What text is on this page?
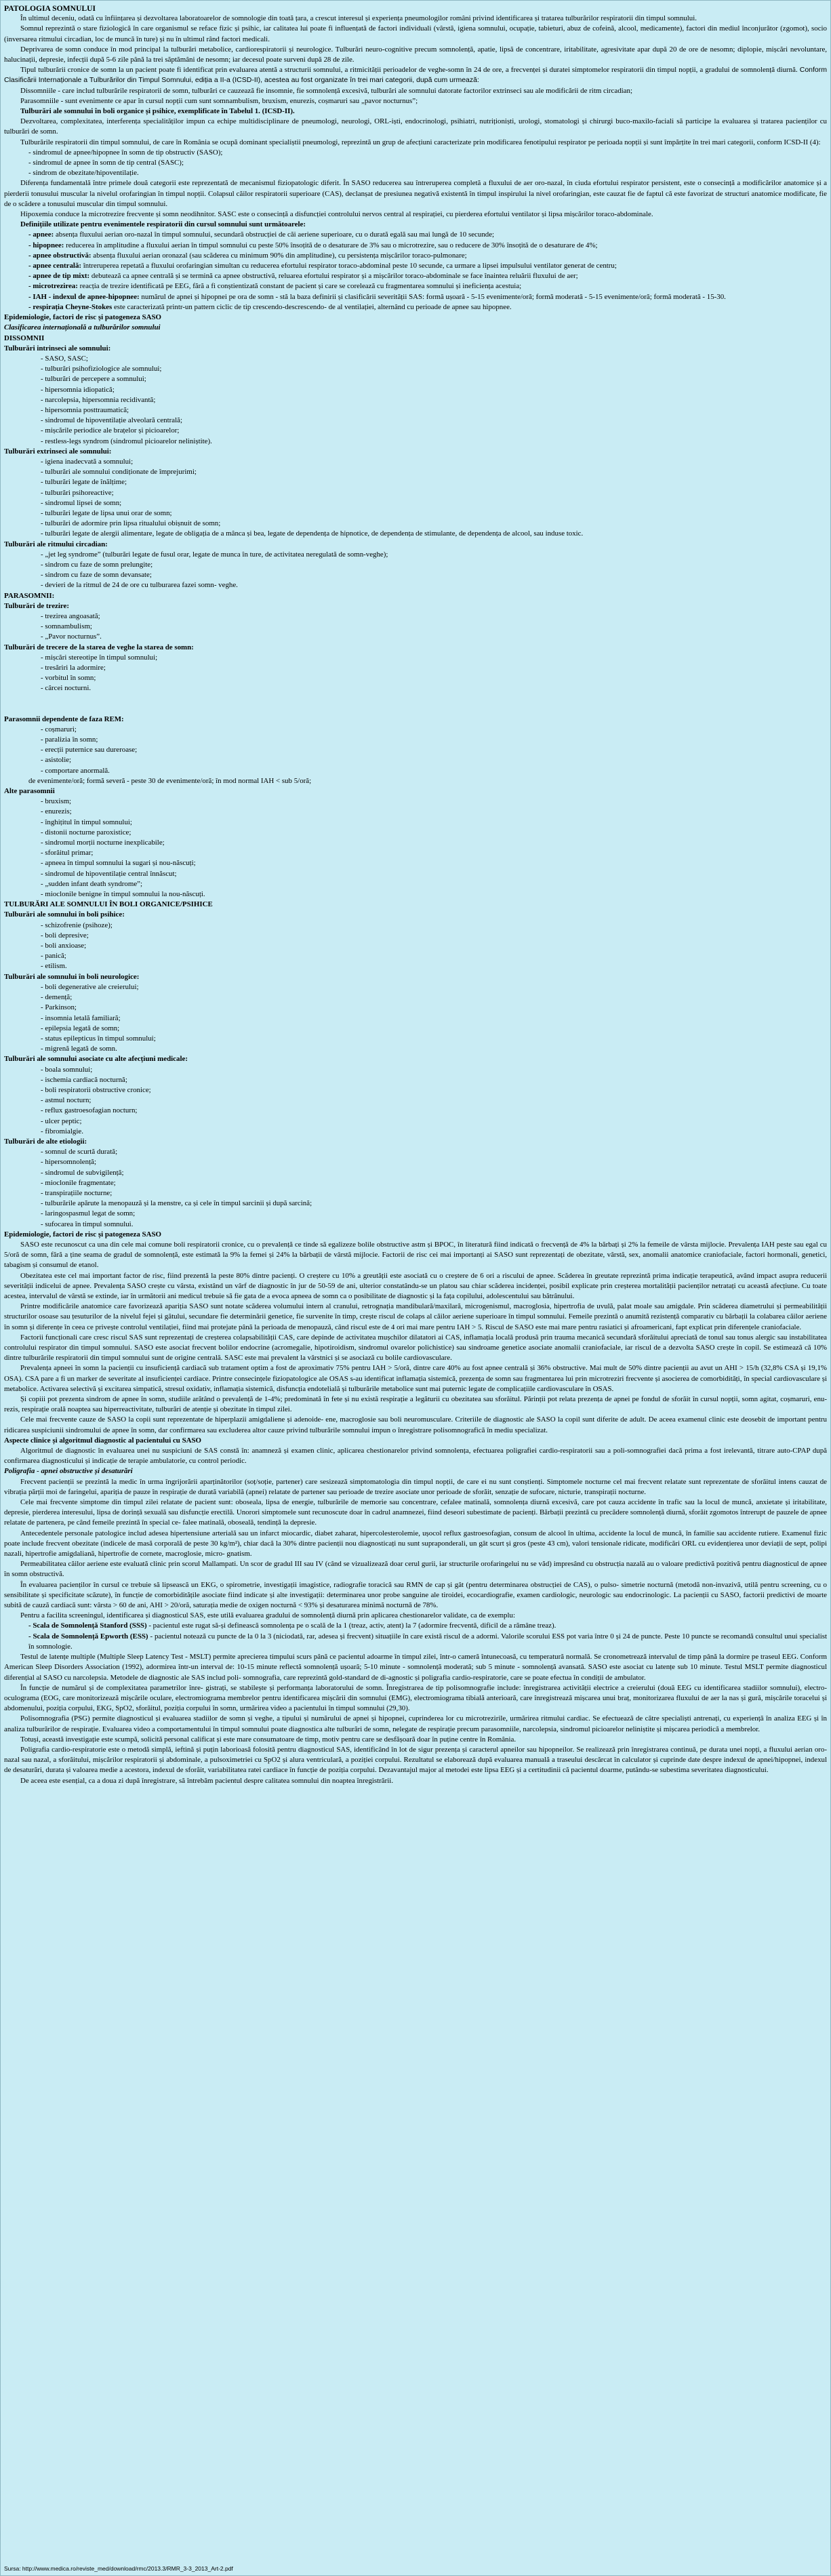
PATOLOGIA SOMNULUI

În ultimul deceniu, odată cu înființarea și dezvoltarea laboratoarelor de somnologie din toată țara, a crescut interesul și experiența pneumologilor români privind identificarea și tratarea tulburărilor respiratorii din timpul somnului.

Somnul reprezintă o stare fiziologică în care organismul se reface fizic și psihic, iar calitatea lui poate fi influențată de factori individuali (vârstă, igiena somnului, ocupație, tabieturi, abuz de cofeină, alcool, medicamente), factori din mediul înconjurător (zgomot), socio (inversarea ritmului circadian, loc de muncă în ture) și nu în ultimul rând factori medicali.

Deprivarea de somn conduce în mod principal la tulburări metabolice, cardiorespiratorii și neurologice. Tulburări neuro-cognitive precum somnolență, apatie, lipsă de concentrare, iritabilitate, agresivitate apar după 20 de ore de nesomn; diplopie, mișcări nevoluntare, halucinații, depresie, infecții după 5-6 zile până la trei săptămâni de nesomn; iar decesul poate surveni după 28 de zile.

Tipul tulburării cronice de somn la un pacient poate fi identificat prin evaluarea atentă a structurii somnului, a ritmicității perioadelor de veghe-somn în 24 de ore, a frecvenței și duratei simptomelor respiratorii din timpul nopții, a gradului de somnolență diurnă. Conform Clasificării Internaționale a Tulburărilor din Timpul Somnului, ediția a II-a (ICSD-II), acestea au fost organizate în trei mari categorii, după cum urmează:

Dissomniile - care includ tulburările respiratorii de somn, tulburări ce cauzează fie insomnie, fie somnolență excesivă, tulburări ale somnului datorate factorilor extrinseci sau ale modificării de ritm circadian;

Parasomniile - sunt evenimente ce apar în cursul nopții cum sunt somnambulism, bruxism, enurezis, coșmaruri sau „pavor nocturnus”;

Tulburări ale somnului în boli organice și psihice, exemplificate în Tabelul 1. (ICSD-II).

Dezvoltarea, complexitatea, interferența specialităților impun ca echipe multidisciplinare de pneumologi, neurologi, ORL-iști, endocrinologi, psihiatri, nutriționiști, urologi, stomatologi și chirurgi buco-maxilo-faciali să participe la evaluarea și tratarea pacienților cu tulburări de somn.

Tulburările respiratorii din timpul somnului, de care în România se ocupă dominant specialiștii pneumologi, reprezintă un grup de afecțiuni caracterizate prin modificarea fenotipului respirator pe perioada nopții și sunt împărțite în trei mari categorii, conform ICSD-II (4):

- sindromul de apnee/hipopnee în somn de tip obstructiv (SASO);

- sindromul de apnee în somn de tip central (SASC);

- sindrom de obezitate/hipoventilație.

Diferența fundamentală între primele două categorii este reprezentată de mecanismul fiziopatologic diferit. În SASO reducerea sau întreruperea completă a fluxului de aer oro-nazal, în ciuda efortului respirator persistent, este o consecință a modificărilor anatomice și a pierderii tonusului muscular la nivelul orofaringian în timpul nopții. Colapsul căilor respiratorii superioare (CAS), declanșat de presiunea negativă existentă în timpul inspirului la nivel orofaringian, este cauzat fie de faptul că este favorizat de structuri anatomice modificate, fie de o scădere a tonusului muscular din timpul somnului.

Hipoxemia conduce la microtrezire frecvente și somn neodihnitor. SASC este o consecință a disfuncției controlului nervos central al respirației, cu pierderea efortului ventilator și lipsa mișcărilor toraco-abdominale.

Definițiile utilizate pentru evenimentele respiratorii din cursul somnului sunt următoarele:

- apnee: absența fluxului aerian oro-nazal în timpul somnului, secundară obstrucției de căi aeriene superioare, cu o durată egală sau mai lungă de 10 secunde;

- hipopnee: reducerea în amplitudine a fluxului aerian în timpul somnului cu peste 50% însoțită de o desaturare de 3% sau o microtrezire, sau o reducere de 30% însoțită de o desaturare de 4%;

- apnee obstructivă: absența fluxului aerian oronazal (sau scăderea cu minimum 90% din amplitudine), cu persistența mișcărilor toraco-pulmonare;

- apnee centrală: întreruperea repetată a fluxului orofaringian simultan cu reducerea efortului respirator toraco-abdominal peste 10 secunde, ca urmare a lipsei impulsului ventilator generat de centru;

- apnee de tip mixt: debutează ca apnee centrală și se termină ca apnee obstructivă, reluarea efortului respirator și a mișcărilor toraco-abdominale se face înaintea reluării fluxului de aer;

- microtrezirea: reacția de trezire identificată pe EEG, fără a fi conștientizată constant de pacient și care se corelează cu fragmentarea somnului și ineficiența acestuia;

- IAH - indexul de apnee-hipopnee: numărul de apnei și hipopnei pe ora de somn - stă la baza definirii și clasificării severității SAS: formă ușoară - 5-15 evenimente/oră; formă moderată - 5-15 evenimente/oră; formă moderată - 15-30.

- respirația Cheyne-Stokes este caracterizată printr-un pattern ciclic de tip crescendo-descrescendo- de al ventilației, alternând cu perioade de apnee sau hipopnee.

Epidemiologie, factori de risc și patogeneza SASO

Clasificarea internațională a tulburărilor somnului

DISSOMNII

Tulburări intrinseci ale somnului:

- SASO, SASC;

- tulburări psihofiziologice ale somnului;

- tulburări de percepere a somnului;

- hipersomnia idiopatică;

- narcolepsia, hipersomnia recidivantă;

- hipersomnia posttraumatică;

- sindromul de hipoventilație alveolară centrală;

- mișcările periodice ale brațelor și picioarelor;

- restless-legs syndrom (sindromul picioarelor neliniștite).

Tulburări extrinseci ale somnului:

- igiena inadecvată a somnului;

- tulburări ale somnului condiționate de împrejurimi;

- tulburări legate de înălțime;

- tulburări psihoreactive;

- sindromul lipsei de somn;

- tulburări legate de lipsa unui orar de somn;

- tulburări de adormire prin lipsa ritualului obișnuit de somn;

- tulburări legate de alergii alimentare, legate de obligația de a mânca și bea, legate de dependența de hipnotice, de dependența de stimulante, de dependența de alcool, sau induse toxic.

Tulburări ale ritmului circadian:

- „jet leg syndrome” (tulburări legate de fusul orar, legate de munca în ture, de activitatea neregulată de somn-veghe);

- sindrom cu faze de somn prelungite;

- sindrom cu faze de somn devansate;

- devieri de la ritmul de 24 de ore cu tulburarea fazei somn- veghe.

PARASOMNII:

Tulburări de trezire:

- trezirea angoasată;

- somnambulism;

- „Pavor nocturnus”.

Tulburări de trecere de la starea de veghe la starea de somn:

- mișcări stereotipe în timpul somnului;

- tresăriri la adormire;

- vorbitul în somn;

- cârcei nocturni.

Parasomnii dependente de faza REM:

- coșmaruri;

- paralizia în somn;

- erecții puternice sau dureroase;

- asistolie;

- comportare anormală.

de evenimente/oră; formă severă - peste 30 de evenimente/oră; în mod normal IAH < sub 5/oră;

Alte parasomnii

- bruxism;

- enurezis;

- înghițitul în timpul somnului;

- distonii nocturne paroxistice;

- sindromul morții nocturne inexplicabile;

- sforăitul primar;

- apneea în timpul somnului la sugari și nou-născuți;

- sindromul de hipoventilație central înnăscut;

- „sudden infant death syndrome”;

- mioclonile benigne în timpul somnului la nou-născuți.

TULBURĂRI ALE SOMNULUI ÎN BOLI ORGANICE/PSIHICE

Tulburări ale somnului în boli psihice:

- schizofrenie (psihoze);

- boli depresive;

- boli anxioase;

- panică;

- etilism.

Tulburări ale somnului în boli neurologice:

- boli degenerative ale creierului;

- demență;

- Parkinson;

- insomnia letală familiară;

- epilepsia legată de somn;

- status epilepticus în timpul somnului;

- migrenă legată de somn.

Tulburări ale somnului asociate cu alte afecțiuni medicale:

- boala somnului;

- ischemia cardiacă nocturnă;

- boli respiratorii obstructive cronice;

- astmul nocturn;

- reflux gastroesofagian nocturn;

- ulcer peptic;

- fibromialgie.

Tulburări de alte etiologii:

- somnul de scurtă durată;

- hipersomnolență;

- sindromul de subvigilență;

- mioclonile fragmentate;

- transpirațiile nocturne;

- tulburările apărute la menopauză și la menstre, ca și cele în timpul sarcinii și după sarcină;

- laringospasmul legat de somn;

- sufocarea în timpul somnului.

Epidemiologie, factori de risc și patogeneza SASO

SASO este recunoscut ca una din cele mai comune boli respiratorii cronice, cu o prevalență ce tinde să egalizeze bolile obstructive astm și BPOC, în literatură fiind indicată o frecvență de 4% la bărbați și 2% la femeile de vârsta mijlocie. Prevalența IAH peste sau egal cu 5/oră de somn, fără a ține seama de gradul de somnolență, este estimată la 9% la femei și 24% la bărbații de vârstă mijlocie. Factorii de risc cei mai importanți ai SASO sunt reprezentați de obezitate, vârstă, sex, anomalii anatomice craniofaciale, factori hormonali, genetici, tabagism și consumul de etanol.

Obezitatea este cel mai important factor de risc, fiind prezentă la peste 80% dintre pacienți. O creștere cu 10% a greutății este asociată cu o creștere de 6 ori a riscului de apnee. Scăderea în greutate reprezintă prima indicație terapeutică, având impact asupra reducerii severității indicelui de apnee. Prevalența SASO crește cu vârsta, existând un vârf de diagnostic în jur de 50-59 de ani, ulterior constatându-se un platou sau chiar scăderea incidenței, posibil explicate prin creșterea mortalității pacienților netratați cu această afecțiune. Cu toate acestea, intervalul de vârstă se extinde, iar în următorii ani medicul trebuie să fie gata de a evoca apneea de somn ca o posibilitate de diagnostic și la fața copilului, adolescentului sau bătrânului.

Printre modificările anatomice care favorizează apariția SASO sunt notate scăderea volumului intern al cranului, retrognația mandibulară/maxilară, microgenismul, macroglosia, hipertrofia de uvulă, palat moale sau amigdale. Prin scăderea diametrului și permeabilității structurilor osoase sau țesuturilor de la nivelul fejei și gâtului, secundare fie determinării genetice, fie survenite în timp, crește riscul de colaps al căilor aeriene superioare în timpul somnului. Femeile prezintă o anumită rezistență comparativ cu bărbații la colabarea căilor aeriene în somn și diferențe în ceea ce privește controlul ventilației, fiind mai protejate până la perioada de menopauză, când riscul este de 4 ori mai mare pentru IAH > 5. Riscul de SASO este mai mare pentru rasiatici și afroamericani, fapt explicat prin diferențele craniofaciale.

Factorii funcționali care cresc riscul SAS sunt reprezentați de creșterea colapsabilității CAS, care depinde de activitatea mușchilor dilatatori ai CAS, inflamația locală produsă prin trauma mecanică secundară sforăitului apreciată de tonul sau tonus alergic sau instabilitatea controlului respirator din timpul somnului. SASO este asociat frecvent bolilor endocrine (acromegalie, hipotiroidism, sindromul ovarelor polichistice) sau sindroame genetice asociate anomalii craniofaciale, iar riscul de a dezvolta SASO crește în copil. Se estimează că 10% dintre tulburările respiratorii din timpul somnului sunt de origine centrală. SASC este mai prevalent la vârstnici și se asociază cu bolile cardiovasculare.

Prevalența apneei în somn la pacienții cu insuficiență cardiacă sub tratament optim a fost de aproximativ 75% pentru IAH > 5/oră, dintre care 40% au fost apnee centrală și 36% obstructive. Mai mult de 50% dintre pacienții au avut un AHI > 15/h (32,8% CSA și 19,1% OSA). CSA pare a fi un marker de severitate al insuficienței cardiace. Printre consecințele fiziopatologice ale OSAS s-au identificat inflamația sistemică, prezența de somn sau fragmentarea lui prin microtreziri frecvente și asocierea de comorbidități, în special cardiovasculare și metabolice. Activarea selectivă și excitarea simpatică, stresul oxidativ, inflamația sistemică, disfuncția endotelială și tulburările metabolice sunt mai puternic legate de complicațiile cardiovasculare în OSAS.

Și copiii pot prezenta sindrom de apnee în somn, studiile arătând o prevalență de 1-4%; predominată în fete și nu există respirație a legăturii cu obezitatea sau sforăitul. Părinții pot relata prezența de apnei pe fondul de sforăit în cursul nopții, somn agitat, coșmaruri, enu- rezis, respirație orală noaptea sau hiperreactivitate, tulburări de atenție și obezitate în timpul zilei.

Cele mai frecvente cauze de SASO la copii sunt reprezentate de hiperplazii amigdaliene și adenoide- ene, macroglosie sau boli neuromusculare. Criteriile de diagnostic ale SASO la copil sunt diferite de adult. De aceea examenul clinic este deosebit de important pentru ridicarea suspiciunii sindromului de apnee în somn, dar confirmarea sau excluderea altor cauze privind tulburările somnului impun o înregistrare polisomnografică în mediu specializat.

Aspecte clinice și algoritmul diagnostic al pacientului cu SASO

Algoritmul de diagnostic în evaluarea unei nu suspiciuni de SAS constă în: anamneză și examen clinic, aplicarea chestionarelor privind somnolența, efectuarea poligrafiei cardio-respiratorii sau a poli-somnografiei dacă prima a fost irelevantă, titrare auto-CPAP după confirmarea diagnosticului și indicație de terapie ambulatorie, cu control periodic.

Poligrafia - apnei obstructive și desaturări

Frecvent pacienții se prezintă la medic în urma îngrijorării aparținătorilor (soț/soție, partener) care sesizează simptomatologia din timpul nopții, de care ei nu sunt conștienți. Simptomele nocturne cel mai frecvent relatate sunt reprezentate de sforăitul intens cauzat de vibrația părții moi de faringelui, apariția de pauze în respirație de durată variabilă (apnei) relatate de partener sau perioade de trezire asociate unor perioade de sforăit, senzație de sufocare, nicturie, transpirații nocturne.

Cele mai frecvente simptome din timpul zilei relatate de pacient sunt: oboseala, lipsa de energie, tulburările de memorie sau concentrare, cefalee matinală, somnolența diurnă excesivă, care pot cauza accidente în trafic sau la locul de muncă, anxietate și iritabilitate, depresie, pierderea interesului, lipsa de dorință sexuală sau disfuncție erectilă. Unorori simptomele sunt recunoscute doar în cadrul anamnezei, fiind deseori subestimate de pacienți. Bărbații prezintă cu precădere somnolență diurnă, sforăit zgomotos întrerupt de pauzele de apnee relatate de partenera, pe când femeile prezintă în special ce- faleе matinală, oboseală, tendință la depresie.

Antecedentele personale patologice includ adesea hipertensiune arterială sau un infarct miocardic, diabet zaharat, hipercolesterolemie, ușocol reflux gastroesofagian, consum de alcool în ultima, accidente la locul de muncă, în familie sau accidente rutiere. Examenul fizic poate include frecvent obezitate (indicele de masă corporală de peste 30 kg/m²), chiar dacă la 30% dintre pacienții nou diagnosticați nu sunt supraponderali, un gât scurt și gros (peste 43 cm), valori tensionale ridicate, modificări ORL cu evidențierea unor deviații de sept, polipi nazali, hipertrofie amigdaliană, hipertrofie de cornete, macroglosie, micro- gnatism.

Permeabilitatea căilor aeriene este evaluată clinic prin scorul Mallampati. Un scor de gradul III sau IV (când se vizualizează doar cerul gurii, iar structurile orofaringelui nu se văd) impresând cu obstrucția nazală au o valoare predictivă pozitivă pentru diagnosticul de apnee în somn obstructivă.

În evaluarea pacienților în cursul ce trebuie să lipsească un EKG, o spirometrie, investigații imagistice, radiografie toracică sau RMN de cap și gât (pentru determinarea obstrucției de CAS), o pulso- simetrie nocturnă (metodă non-invazivă, utilă pentru screening, cu o sensibilitate și specificitate scăzute), în funcție de comorbiditățile asociate fiind indicate și alte investigații: determinarea unor probe sanguine ale tiroidei, ecocardiografie, examen cardiologic, neurologic sau endocrinologic. La pacienții cu SASO, factorii predictivi de moarte subită de cauză cardiacă sunt: vârsta > 60 de ani, AHI > 20/oră, saturația medie de oxigen nocturnă < 93% și desaturarea minimă nocturnă de 78%.

Pentru a facilita screeningul, identificarea și diagnosticul SAS, este utilă evaluarea gradului de somnolență diurnă prin aplicarea chestionarelor validate, ca de exemplu:

- Scala de Somnolență Stanford (SSS) - pacientul este rugat să-și definească somnolența pe o scală de la 1 (treaz, activ, atent) la 7 (adormire frecventă, dificil de a rămâne treaz).

- Scala de Somnolență Epworth (ESS) - pacientul notează cu puncte de la 0 la 3 (niciodată, rar, adesea și frecvent) situațiile în care există riscul de a adormi. Valorile scorului ESS pot varia între 0 și 24 de puncte. Peste 10 puncte se recomandă consultul unui specialist în somnologie.

Testul de latențe multiple (Multiple Sleep Latency Test - MSLT) permite aprecierea timpului scurs până ce pacientul adoarme în timpul zilei, într-o cameră întunecoasă, cu temperatură normală. Se cronometrează intervalul de timp până la dormire pe traseul EEG. Conform American Sleep Disorders Association (1992), adormirea într-un interval de: 10-15 minute reflectă somnolență ușoară; 5-10 minute - somnolență moderată; sub 5 minute - somnolență avansată. SASO este asociat cu latențe sub 10 minute. Testul MSLT permite diagnosticul diferențial al SASO cu narcolepsia. Metodele de diagnostic ale SAS includ poli- somnografia, care reprezintă gold-standard de di-agnostic și poligrafia cardio-respiratorie, care se poate efectua în condiții de ambulator.

În funcție de numărul și de complexitatea parametrilor înre- gistrați, se stabilește și performanța laboratorului de somn. Înregistrarea de tip polisomnografie include: înregistrarea activității electrice a creierului (două EEG cu identificarea stadiilor somnului), electro- oculograma (EOG, care monitorizează mișcările oculare, electromiograma membrelor pentru identificarea mișcării din somnului (EMG), electromiograma tibială anterioară, care înregistrează mișcarea unui braț, monitorizarea fluxului de aer la nas și gură, mișcările toracelui și abdomenului, poziția corpului, EKG, SpO2, sforăitul, poziția corpului în somn, urmărirea video a pacientului în timpul somnului (29,30).

Polisomnografia (PSG) permite diagnosticul și evaluarea stadiilor de somn și veghe, a tipului și numărului de apnei și hipopnei, cuprinderea lor cu microtrezirile, urmărirea ritmului cardiac. Se efectuează de către specialiști antrenați, cu experiență în analiza EEG și în analiza tulburărilor de respirație. Evaluarea video a comportamentului în timpul somnului poate diagnostica alte tulburări de somn, nelegate de respirație precum parasomniile, narcolepsia, sindromul picioarelor neliniștite și mișcarea periodică a membrelor.

Totuși, această investigație este scumpă, solicită personal calificat și este mare consumatoare de timp, motiv pentru care se desfășoară doar în puține centre în România.

Poligrafia cardio-respiratorie este o metodă simplă, ieftină și puțin laborioasă folosită pentru diagnosticul SAS, identificând în lot de sigur prezența și caracterul apneilor sau hipopneilor. Se realizează prin înregistrarea continuă, pe durata unei nopți, a fluxului aerian oro-nazal sau nazal, a sforăitului, mișcărilor respiratorii și abdominale, a pulsoximetriei cu SpO2 și alura ventriculară, a poziției corpului. Rezultatul se elaborează după evaluarea manuală a traseului descărcat în calculator și cuprinde date despre indexul de apnei/hipopnei, indexul de desaturări, durata și valoarea medie a acestora, indexul de sforăit, variabilitatea ratei cardiace în funcție de poziția corpului. Dezavantajul major al metodei este lipsa EEG și a certitudinii că pacientul doarme, putându-se subestima severitatea diagnosticului.

De aceea este esențial, ca a doua zi după înregistrare, să întrebăm pacientul despre calitatea somnului din noaptea înregistrării.

Sursa: http://www.medica.ro/reviste_med/download/rmc/2013.3/RMR_3-3_2013_Art-2.pdf
